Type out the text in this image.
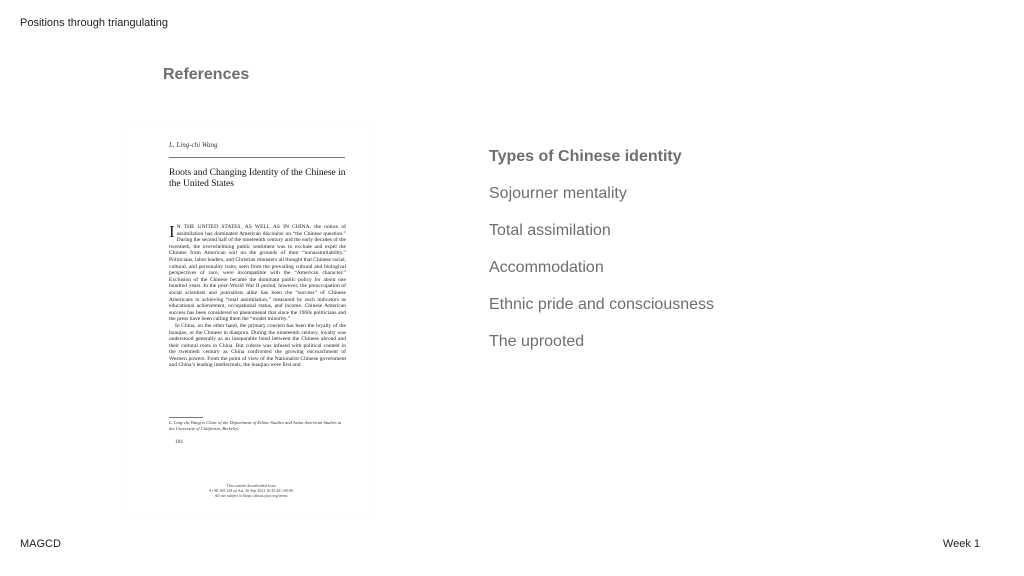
Positions through triangulating
References
L. Ling-chi Wang
Roots and Changing Identity of the Chinese in the United States

I N THE UNITED STATES, AS WELL AS IN CHINA, the notion of assimilation has dominated American discourse on “the Chinese question.” During the second half of the nineteenth century and the early decades of the twentieth, the overwhelming public sentiment was to exclude and expel the Chinese from American soil on the grounds of their “nonassimilability.” Politicians, labor leaders, and Christian ministers all thought that Chinese racial, cultural, and personality traits, seen from the prevailing cultural and biological perspectives of race, were incompatible with the “American character.” Exclusion of the Chinese became the dominant public policy for about one hundred years. In the post–World War II period, however, the preoccupation of social scientists and journalists alike has been the “success” of Chinese Americans in achieving “total assimilation,” measured by such indicators as educational achievement, occupational status, and income. Chinese American success has been considered so phenomenal that since the 1960s politicians and the press have been calling them the “model minority.”

In China, on the other hand, the primary concern has been the loyalty of the huaqiao, or the Chinese in diaspora. During the nineteenth century, loyalty was understood generally as an inseparable bond between the Chinese abroad and their cultural roots in China. But culture was infused with political content in the twentieth century as China confronted the growing encroachment of Western powers. From the point of view of the Nationalist Chinese government and China’s leading intellectuals, the huaqiao were first and

L. Ling-chi Wang is Chair of the Department of Ethnic Studies and Asian American Studies at the University of California, Berkeley.
181
This content downloaded from
81.98.169.128 on Sat, 30 Sep 2023 16:45:48 +00:00
All use subject to https://about.jstor.org/terms
Types of Chinese identity
Sojourner mentality
Total assimilation
Accommodation
Ethnic pride and consciousness
The uprooted
MAGCD	Week 1
